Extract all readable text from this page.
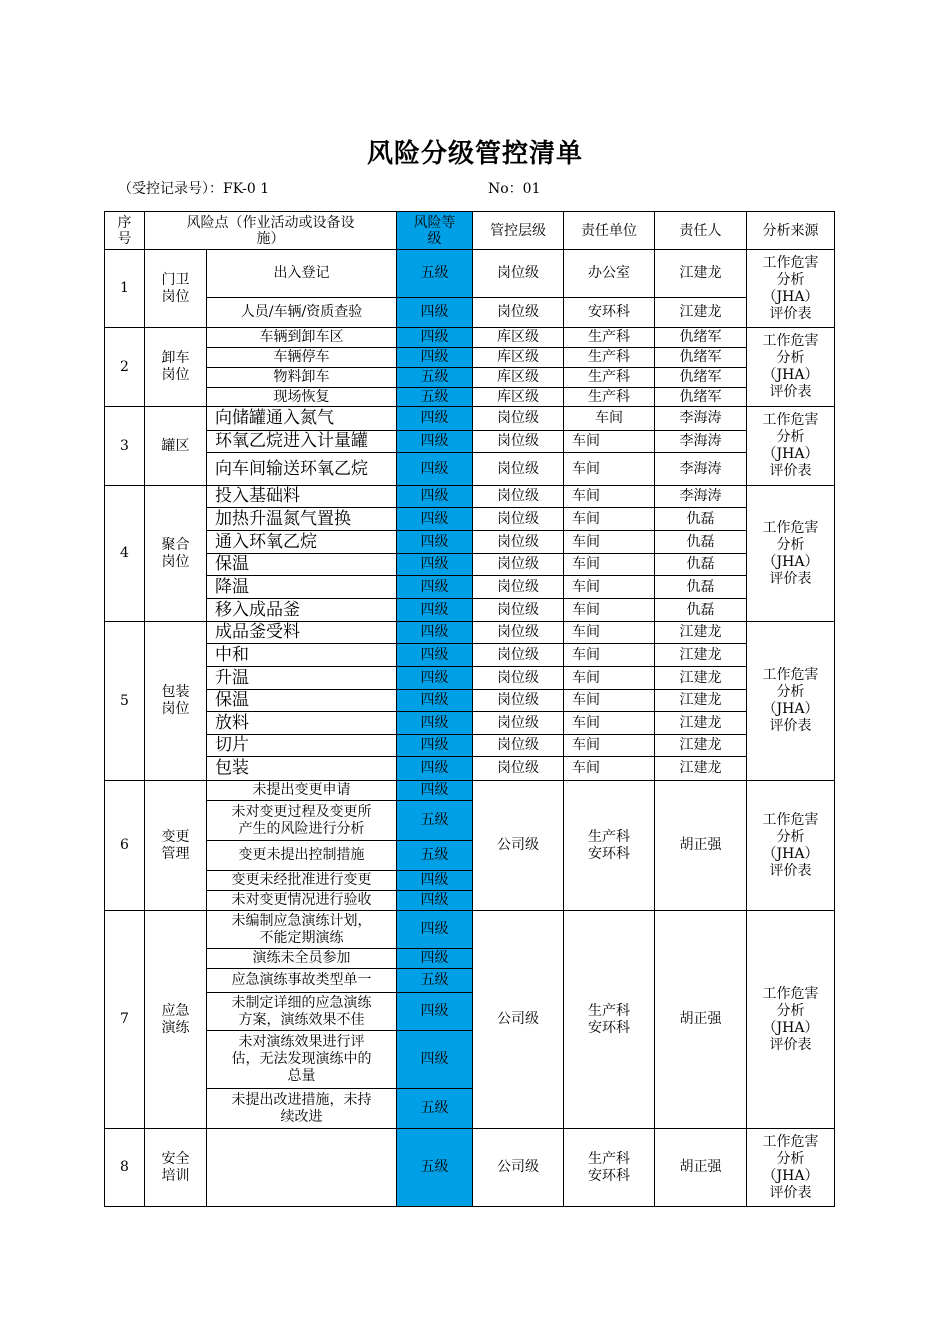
风险分级管控清单
（受控记录号）：FK-0 1	No：01
序
号	风险点（作业活动或设备设
施）		风险等
级	管控层级	责任单位	责任人	分析来源
1	门卫
岗位	出入登记	五级	岗位级	办公室	江建龙	工作危害
分析
（JHA）
评价表
		人员/车辆/资质查验	四级	岗位级	安环科	江建龙	
2	卸车
岗位	车辆到卸车区	四级	库区级	生产科	仇绪军	工作危害
分析
（JHA）
评价表
		车辆停车	四级	库区级	生产科	仇绪军	
		物料卸车	五级	库区级	生产科	仇绪军	
		现场恢复	五级	库区级	生产科	仇绪军	
3	罐区	向储罐通入氮气	四级	岗位级	车间	李海涛	工作危害
分析
（JHA）
评价表
		环氧乙烷进入计量罐	四级	岗位级	车间	李海涛	
		向车间输送环氧乙烷	四级	岗位级	车间	李海涛	
4	聚合
岗位	投入基础料	四级	岗位级	车间	李海涛	工作危害
分析
（JHA）
评价表
		加热升温氮气置换	四级	岗位级	车间	仇磊	
		通入环氧乙烷	四级	岗位级	车间	仇磊	
		保温	四级	岗位级	车间	仇磊	
		降温	四级	岗位级	车间	仇磊	
		移入成品釜	四级	岗位级	车间	仇磊	
5	包装
岗位	成品釜受料	四级	岗位级	车间	江建龙	工作危害
分析
（JHA）
评价表
		中和	四级	岗位级	车间	江建龙	
		升温	四级	岗位级	车间	江建龙	
		保温	四级	岗位级	车间	江建龙	
		放料	四级	岗位级	车间	江建龙	
		切片	四级	岗位级	车间	江建龙	
		包装	四级	岗位级	车间	江建龙	
6	变更
管理	未提出变更申请	四级	公司级	生产科
安环科	胡正强	工作危害
分析
（JHA）
评价表
		未对变更过程及变更所
产生的风险进行分析	五级				
		变更未提出控制措施	五级				
		变更未经批准进行变更	四级				
		未对变更情况进行验收	四级				
7	应急
演练	未编制应急演练计划，
不能定期演练	四级	公司级	生产科
安环科	胡正强	工作危害
分析
（JHA）
评价表
		演练未全员参加	四级				
		应急演练事故类型单一	五级				
		未制定详细的应急演练
方案，演练效果不佳	四级				
		未对演练效果进行评
估，无法发现演练中的
总量	四级				
		未提出改进措施，未持
续改进	五级				
8	安全
培训		五级	公司级	生产科
安环科	胡正强	工作危害
分析
（JHA）
评价表
